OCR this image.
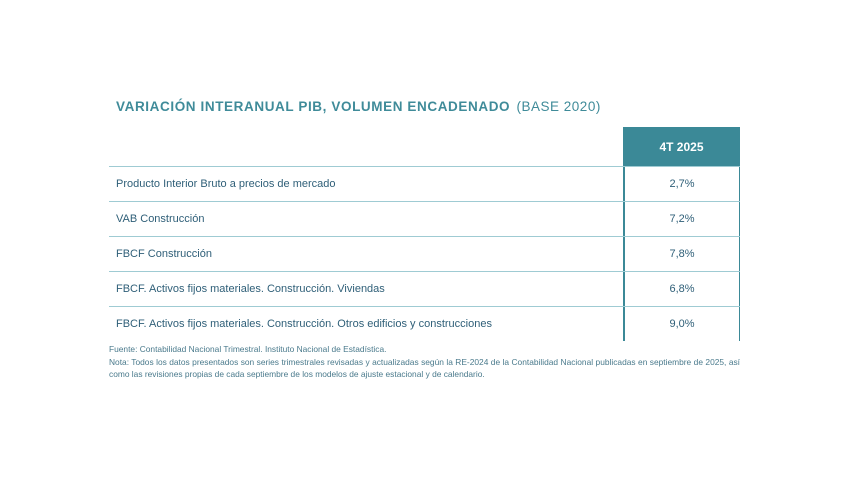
VARIACIÓN INTERANUAL PIB, VOLUMEN ENCADENADO (BASE 2020)
4T 2025
Producto Interior Bruto a precios de mercado	2,7%
VAB Construcción	7,2%
FBCF Construcción	7,8%
FBCF. Activos fijos materiales. Construcción. Viviendas	6,8%
FBCF. Activos fijos materiales. Construcción. Otros edificios y construcciones	9,0%
Fuente: Contabilidad Nacional Trimestral. Instituto Nacional de Estadística.
Nota: Todos los datos presentados son series trimestrales revisadas y actualizadas según la RE-2024 de la Contabilidad Nacional publicadas en septiembre de 2025, así como las revisiones propias de cada septiembre de los modelos de ajuste estacional y de calendario.
